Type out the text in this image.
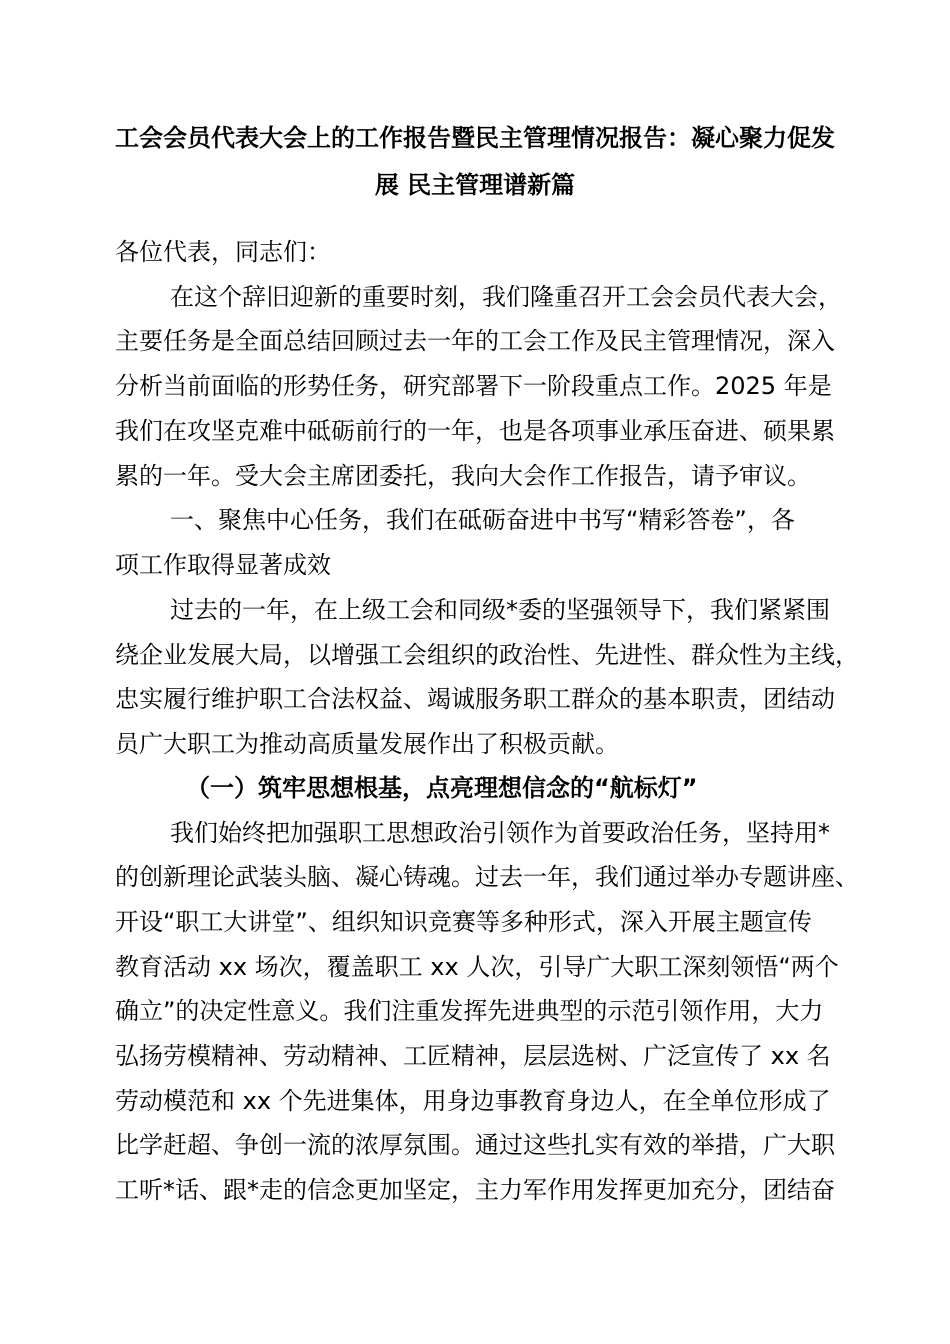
工会会员代表大会上的工作报告暨民主管理情况报告：凝心聚力促发
展 民主管理谱新篇
各位代表，同志们：
在这个辞旧迎新的重要时刻，我们隆重召开工会会员代表大会，
主要任务是全面总结回顾过去一年的工会工作及民主管理情况，深入
分析当前面临的形势任务，研究部署下一阶段重点工作。2025 年是
我们在攻坚克难中砥砺前行的一年，也是各项事业承压奋进、硕果累
累的一年。受大会主席团委托，我向大会作工作报告，请予审议。
一、聚焦中心任务，我们在砥砺奋进中书写“精彩答卷”，各
项工作取得显著成效
过去的一年，在上级工会和同级*委的坚强领导下，我们紧紧围
绕企业发展大局，以增强工会组织的政治性、先进性、群众性为主线，
忠实履行维护职工合法权益、竭诚服务职工群众的基本职责，团结动
员广大职工为推动高质量发展作出了积极贡献。
（一）筑牢思想根基，点亮理想信念的“航标灯”
我们始终把加强职工思想政治引领作为首要政治任务，坚持用*
的创新理论武装头脑、凝心铸魂。过去一年，我们通过举办专题讲座、
开设“职工大讲堂”、组织知识竞赛等多种形式，深入开展主题宣传
教育活动 xx 场次，覆盖职工 xx 人次，引导广大职工深刻领悟“两个
确立”的决定性意义。我们注重发挥先进典型的示范引领作用，大力
弘扬劳模精神、劳动精神、工匠精神，层层选树、广泛宣传了 xx 名
劳动模范和 xx 个先进集体，用身边事教育身边人，在全单位形成了
比学赶超、争创一流的浓厚氛围。通过这些扎实有效的举措，广大职
工听*话、跟*走的信念更加坚定，主力军作用发挥更加充分，团结奋
